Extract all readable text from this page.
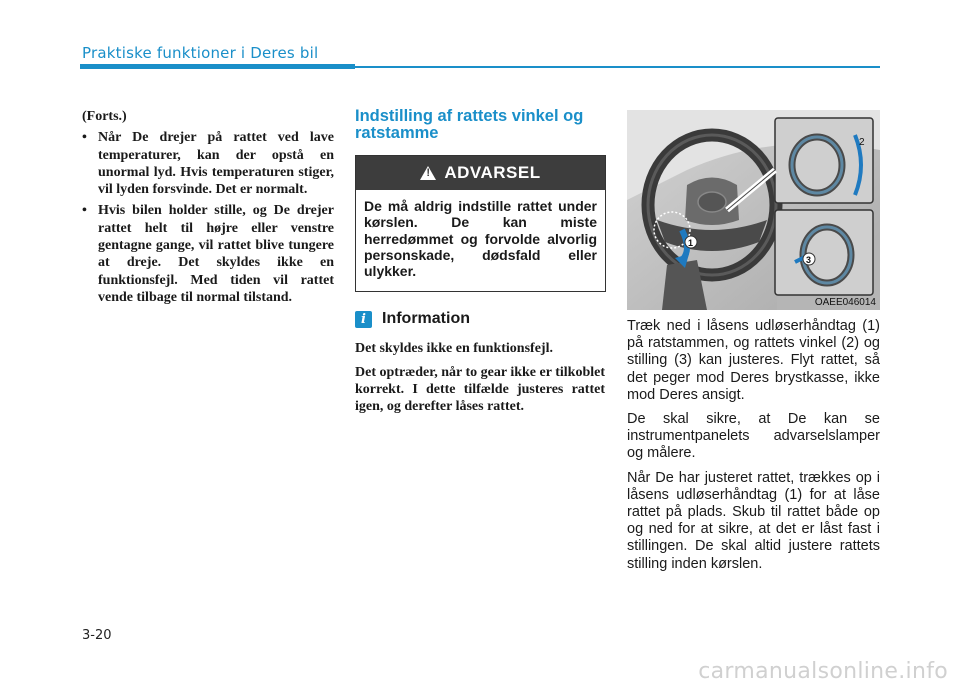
Praktiske funktioner i Deres bil

(Forts.)

• Når De drejer på rattet ved lave temperaturer, kan der opstå en unormal lyd. Hvis temperaturen stiger, vil lyden forsvinde. Det er normalt.
• Hvis bilen holder stille, og De drejer rattet helt til højre eller venstre gentagne gange, vil rattet blive tungere at dreje. Det skyldes ikke en funktionsfejl. Med tiden vil rattet vende tilbage til normal tilstand.
Indstilling af rattets vinkel og ratstamme
!
ADVARSEL
De må aldrig indstille rattet under kørslen. De kan miste herredømmet og forvolde alvorlig personskade, dødsfald eller ulykker.
i	Information

Det skyldes ikke en funktionsfejl.

Det optræder, når to gear ikke er tilkoblet korrekt. I dette tilfælde justeres rattet igen, og derefter låses rattet.

1
2
3
OAEE046014

Træk ned i låsens udløserhåndtag (1) på ratstammen, og rattets vinkel (2) og stilling (3) kan justeres. Flyt rattet, så det peger mod Deres brystkasse, ikke mod Deres ansigt.

De skal sikre, at De kan se instrumentpanelets advarselslamper og målere.

Når De har justeret rattet, trækkes op i låsens udløserhåndtag (1) for at låse rattet på plads. Skub til rattet både op og ned for at sikre, at det er låst fast i stillingen. De skal altid justere rattets stilling inden kørslen.

3-20
carmanualsonline.info
